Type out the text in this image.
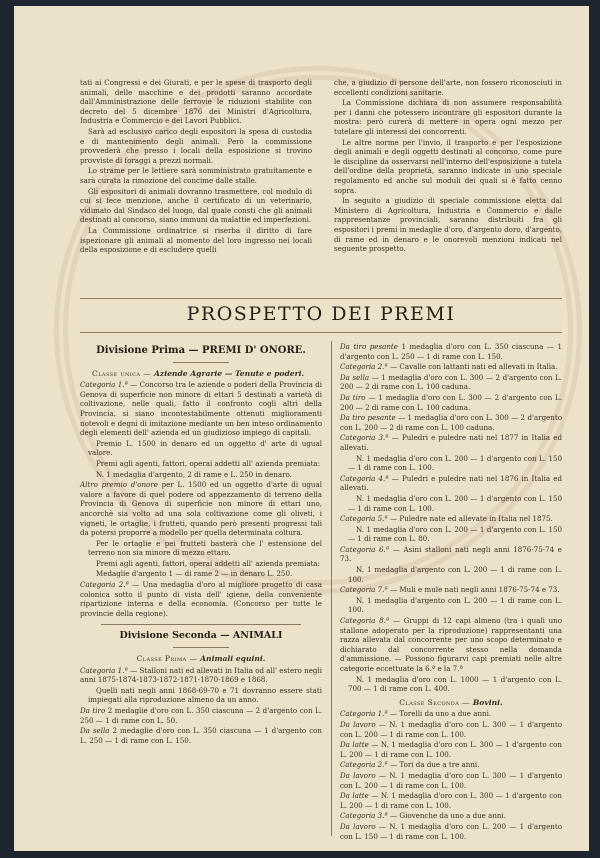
tati ai Congressi e dei Giurati, e per le spese di trasporto degli animali, delle macchine e dei prodotti saranno accordate dall'Amministrazione delle ferrovie le riduzioni stabilite con decreto del 5 dicembre 1876 dei Ministri d'Agricoltura, Industria e Commercio e dei Lavori Pubblici.

Sarà ad esclusivo carico degli espositori la spesa di custodia e di mantenimento degli animali. Però la commissione provvederà che presso i locali della esposizione si trovino provviste di foraggi a prezzi normali.

Lo strame per le lettiere sarà somministrato gratuitamente e sarà curata la rimozione del concime dalle stalle.

Gli espositori di animali dovranno trasmettere, col modulo di cui si fece menzione, anche il certificato di un veterinario, vidimato dal Sindaco del luogo, dal quale consti che gli animali destinati al concorso, siano immuni da malattie ed imperfezioni.

La Commissione ordinatrice si riserba il diritto di fare ispezionare gli animali al momento del loro ingresso nei locali della esposizione e di escludere quelli

che, a giudizio di persone dell'arte, non fossero riconosciuti in eccellenti condizioni sanitarie.

La Commissione dichiara di non assumere responsabilità per i danni che potessero incontrare gli espositori durante la mostra: però curerà di mettere in opera ogni mezzo per tutelare gli interessi dei concorrenti.

Le altre norme per l'invio, il trasporto e per l'esposizione degli animali e degli oggetti destinati al concorso, come pure le discipline da osservarsi nell'interno dell'esposizione a tutela dell'ordine della proprietà, saranno indicate in uno speciale regolamento ed anche sul moduli dei quali si è fatto cenno sopra.

In seguito a giudizio di speciale commissione eletta dal Ministero di Agricoltura, Industria e Commercio e dalle rappresentanze provinciali, saranno distribuiti fra gli espositori i premi in medaglie d'oro, d'argento doro, d'argento, di rame ed in denaro e le onorevoli menzioni indicati nel seguente prospetto.

PROSPETTO DEI PREMI
Divisione Prima — PREMI D' ONORE.
Classe unica — Aziende Agrarie — Tenute e poderi.

Categoria 1.ª — Concorso tra le aziende o poderi della Provincia di Genova di superficie non minore di ettari 5 destinati a varietà di coltivazione, nelle quali, fatto il confronto cogli altri della Provincia, si siano incontestabilmente ottenuti miglioramenti notevoli e degni di imitazione mediante un ben inteso ordinamento degli elementi dell' azienda ed un giudizioso impiego di capitali.

Premio L. 1500 in denaro ed un oggetto d' arte di ugual valore.

Premi agli agenti, fattori, operai addetti all' azienda premiata:

N. 1 medaglia d'argento, 2 di rame e L. 250 in denaro.

Altro premio d'onore per L. 1500 ed un oggetto d'arte di ugual valore a favore di quel podere od appezzamento di terreno della Provincia di Genova di superficie non minore di ettari uno, ancorchè sia volto ad una sola coltivazione come gli oliveti, i vigneti, le ortaglie, i frutteti, quando però presenti progressi tali da potersi proporre a modello per quella determinata coltura.

Per le ortaglie e pei frutteti basterà che l' estensione del terreno non sia minore di mezzo ettaro.

Premi agli agenti, fattori, operai addetti all' azienda premiata:

Medaglie d'argento 1 — di rame 2 — in denaro L. 250.

Categoria 2.ª — Una medaglia d'oro al migliore progetto di casa colonica sotto il punto di vista dell' igiene, della conveniente ripartizione interna e della economia. (Concorso per tutte le provincie della regione).

Divisione Seconda — ANIMALI
Classe Prima — Animali equini.

Categoria 1.ª — Stalloni nati ed allevati in Italia od all' estero negli anni 1875-1874-1873-1872-1871-1870-1869 e 1868.

Quelli nati negli anni 1868-69-70 e 71 dovranno essere stati impiegati alla riproduzione almeno da un anno.

Da tiro 2 medaglie d'oro con L. 350 ciascuna — 2 d'argento con L. 250 — 1 di rame con L. 50.

Da sella 2 medaglie d'oro con L. 350 ciascuna — 1 d'argento con L. 250 — 1 di rame con L. 150.

Da tiro pesante 1 medaglia d'oro con L. 350 ciascuna — 1 d'argento con L. 250 — 1 di rame con L. 150.

Categoria 2.ª — Cavalle con lattanti nati ed allevati in Italia.

Da sella — 1 medaglia d'oro con L. 300 — 2 d'argento con L. 200 — 2 di rame con L. 100 caduna.

Da tiro — 1 medaglia d'oro con L. 300 — 2 d'argento con L. 200 — 2 di rame con L. 100 caduna.

Da tiro pesante — 1 medaglia d'oro con L. 300 — 2 d'argento con L. 200 — 2 di rame con L. 100 caduna.

Categoria 3.ª — Puledri e puledre nati nel 1877 in Italia ed allevati.

N. 1 medaglia d'oro con L. 200 — 1 d'argento con L. 150 — 1 di rame con L. 100.

Categoria 4.ª — Puledri e puledre nati nel 1876 in Italia ed allevati.

N. 1 medaglia d'oro con L. 200 — 1 d'argento con L. 150 — 1 di rame con L. 100.

Categoria 5.ª — Puledre nate ed allevate in Italia nel 1875.

N. 1 medaglia d'oro con L. 200 — 1 d'argento con L. 150 — 1 di rame con L. 80.

Categoria 6.ª — Asini stalloni nati negli anni 1876-75-74 e 73.

N. 1 medaglia d'argento con L. 200 — 1 di rame con L. 100.

Categoria 7.ª — Muli e mule nati negli anni 1876-75-74 e 73.

N. 1 medaglia d'argento con L. 200 — 1 di rame con L. 100.

Categoria 8.ª — Gruppi di 12 capi almeno (tra i quali uno stallone adoperato per la riproduzione) rappresentanti una razza allevata dal concorrente per uno scopo determinato e dichiarato dal concorrente stesso nella domanda d'ammissione. — Possono figurarvi capi premiati nelle altre categorie eccettuate la 6.ª e la 7.ª

N. 1 medaglia d'oro con L. 1000 — 1 d'argento con L. 700 — 1 di rame con L. 400.

Classe Seconda — Bovini.

Categoria 1.ª — Torelli da uno a due anni.

Da lavoro — N. 1 medaglia d'oro con L. 300 — 1 d'argento con L. 200 — 1 di rame con L. 100.

Da latte — N. 1 medaglia d'oro con L. 300 — 1 d'argento con L. 200 — 1 di rame con L. 100.

Categoria 2.ª — Tori da due a tre anni.

Da lavoro — N. 1 medaglia d'oro con L. 300 — 1 d'argento con L. 200 — 1 di rame con L. 100.

Da latte — N. 1 medaglia d'oro con L. 300 — 1 d'argento con L. 200 — 1 di rame con L. 100.

Categoria 3.ª — Giovenche da uno a due anni.

Da lavoro — N. 1 medaglia d'oro con L. 200 — 1 d'argento con L. 150 — 1 di rame con L. 100.
